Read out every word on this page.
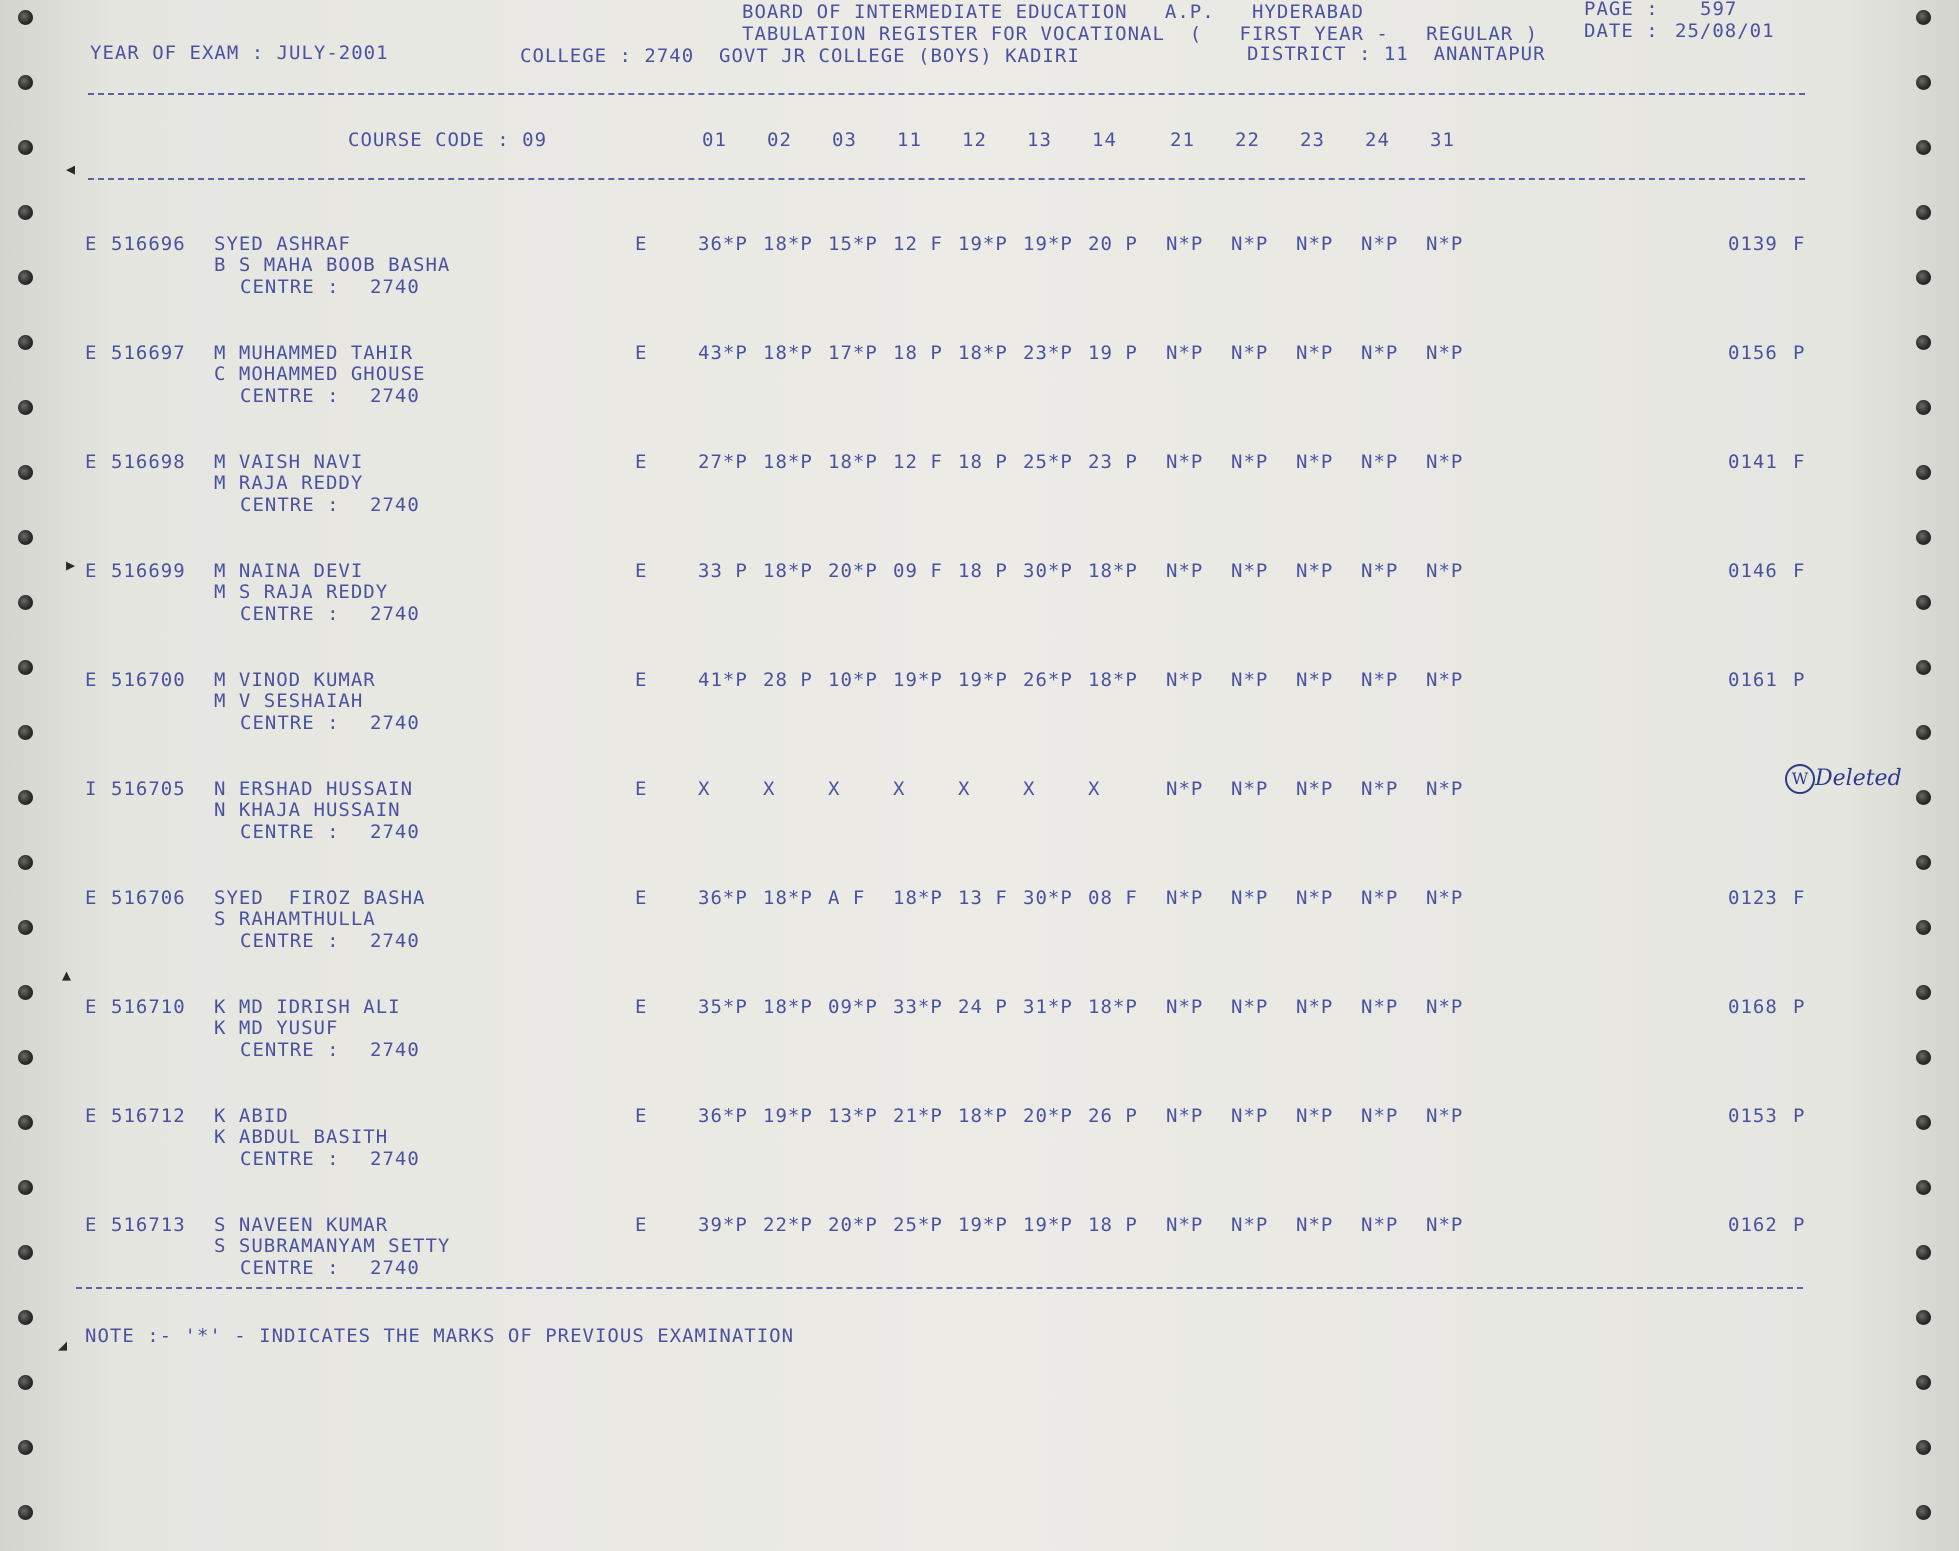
BOARD OF INTERMEDIATE EDUCATION   A.P.   HYDERABAD
TABULATION REGISTER FOR VOCATIONAL  (   FIRST YEAR -   REGULAR )
PAGE : 597
DATE : 25/08/01
YEAR OF EXAM : JULY-2001	COLLEGE : 2740  GOVT JR COLLEGE (BOYS) KADIRI	DISTRICT : 11  ANANTAPUR
COURSE CODE : 09	01 02 03 11 12 13 14	21 22 23 24 31
E 516696 SYED ASHRAF
B S MAHA BOOB BASHA
CENTRE : 2740
E	36*P 18*P 15*P 12 F 19*P 19*P 20 P N*P N*P N*P N*P N*P	0139 F
E 516697 M MUHAMMED TAHIR
C MOHAMMED GHOUSE
CENTRE : 2740
E	43*P 18*P 17*P 18 P 18*P 23*P 19 P N*P N*P N*P N*P N*P	0156 P
E 516698 M VAISH NAVI
M RAJA REDDY
CENTRE : 2740
E	27*P 18*P 18*P 12 F 18 P 25*P 23 P N*P N*P N*P N*P N*P	0141 F
E 516699 M NAINA DEVI
M S RAJA REDDY
CENTRE : 2740
E	33 P 18*P 20*P 09 F 18 P 30*P 18*P N*P N*P N*P N*P N*P	0146 F
E 516700 M VINOD KUMAR
M V SESHAIAH
CENTRE : 2740
E	41*P 28 P 10*P 19*P 19*P 26*P 18*P N*P N*P N*P N*P N*P	0161 P
I 516705 N ERSHAD HUSSAIN
N KHAJA HUSSAIN
CENTRE : 2740
E	X	X	X	X	X	X	X	N*P N*P N*P N*P N*P
E 516706 SYED  FIROZ BASHA
S RAHAMTHULLA
CENTRE : 2740
E	36*P 18*P A F 18*P 13 F 30*P 08 F N*P N*P N*P N*P N*P	0123 F
E 516710 K MD IDRISH ALI
K MD YUSUF
CENTRE : 2740
E	35*P 18*P 09*P 33*P 24 P 31*P 18*P N*P N*P N*P N*P N*P	0168 P
E 516712 K ABID
K ABDUL BASITH
CENTRE : 2740
E	36*P 19*P 13*P 21*P 18*P 20*P 26 P N*P N*P N*P N*P N*P	0153 P
E 516713 S NAVEEN KUMAR
S SUBRAMANYAM SETTY
CENTRE : 2740
E	39*P 22*P 20*P 25*P 19*P 19*P 18 P N*P N*P N*P N*P N*P	0162 P
NOTE :- '*' - INDICATES THE MARKS OF PREVIOUS EXAMINATION
W Deleted
◀
▶
▲
◢
